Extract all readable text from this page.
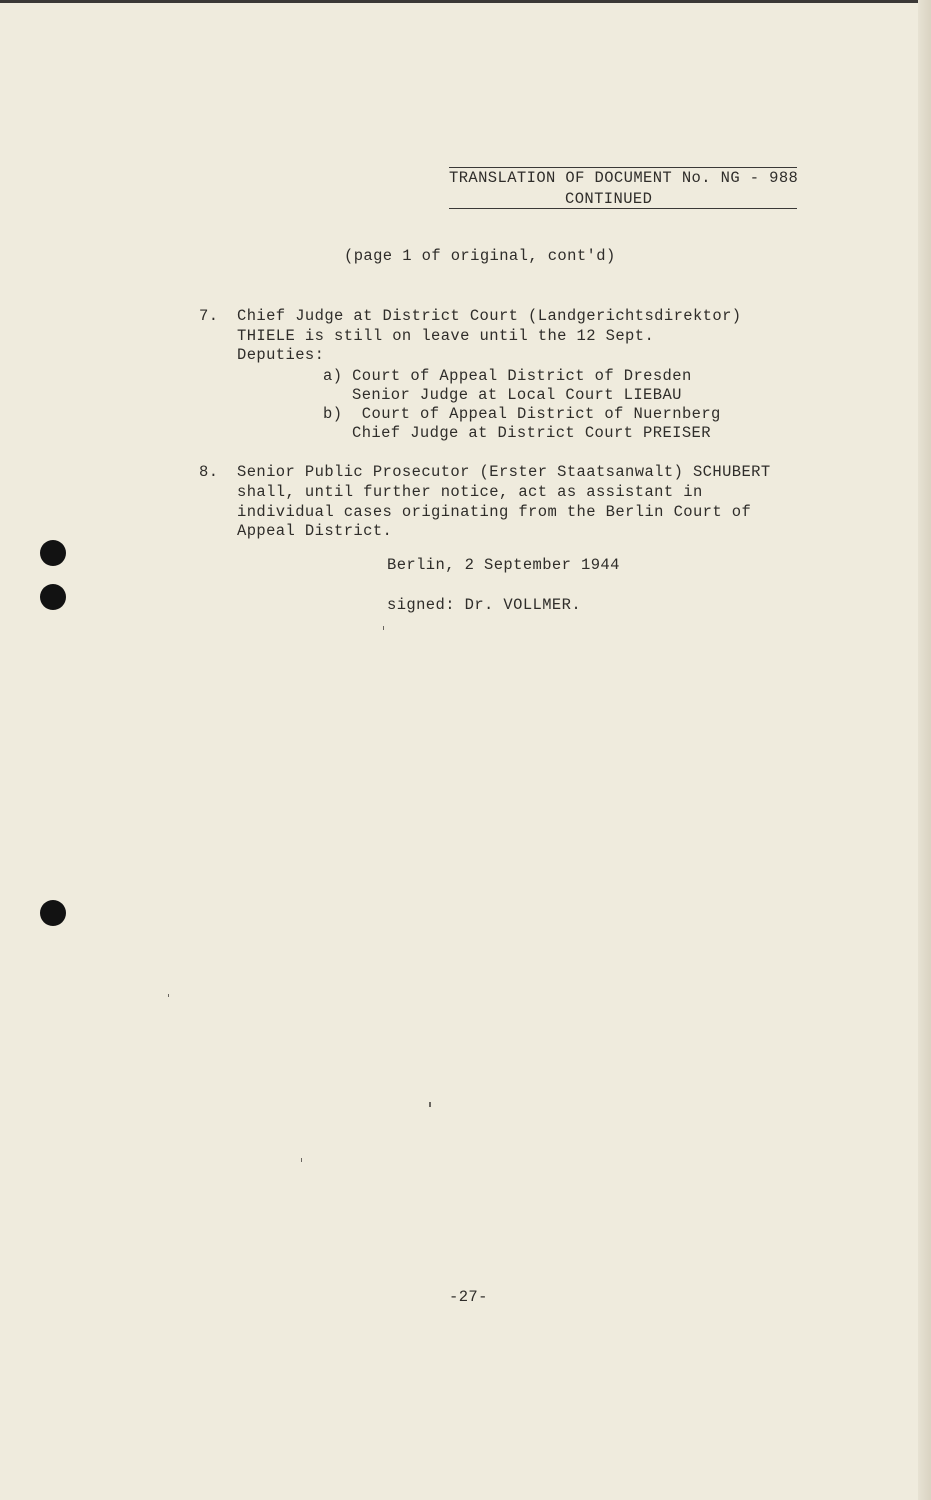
TRANSLATION OF DOCUMENT No. NG - 988
CONTINUED
(page 1 of original, cont'd)
7. Chief Judge at District Court (Landgerichtsdirektor)
THIELE is still on leave until the 12 Sept.
Deputies:
a) Court of Appeal District of Dresden
Senior Judge at Local Court LIEBAU
b)  Court of Appeal District of Nuernberg
Chief Judge at District Court PREISER
8. Senior Public Prosecutor (Erster Staatsanwalt) SCHUBERT
shall, until further notice, act as assistant in
individual cases originating from the Berlin Court of
Appeal District.
Berlin, 2 September 1944
signed: Dr. VOLLMER.
-27-
